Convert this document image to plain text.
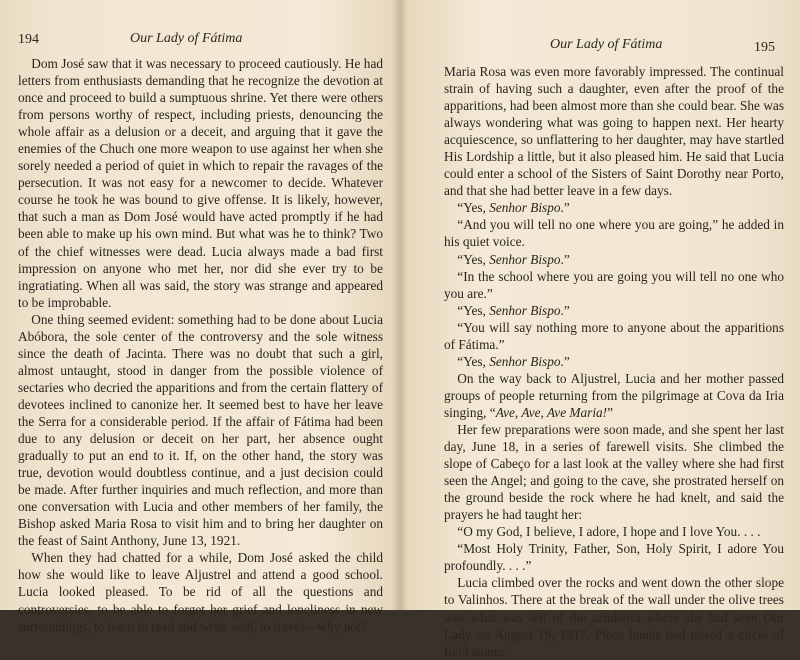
194	Our Lady of Fátima

Dom José saw that it was necessary to proceed cautiously. He had letters from enthusiasts demanding that he recognize the devotion at once and proceed to build a sumptuous shrine. Yet there were others from persons worthy of respect, including priests, denouncing the whole affair as a delusion or a deceit, and arguing that it gave the enemies of the Chuch one more weapon to use against her when she sorely needed a period of quiet in which to repair the ravages of the persecution. It was not easy for a newcomer to decide. Whatever course he took he was bound to give offense. It is likely, however, that such a man as Dom José would have acted promptly if he had been able to make up his own mind. But what was he to think? Two of the chief witnesses were dead. Lucia always made a bad first impression on anyone who met her, nor did she ever try to be ingratiating. When all was said, the story was strange and appeared to be improbable.

One thing seemed evident: something had to be done about Lucia Abóbora, the sole center of the controversy and the sole witness since the death of Jacinta. There was no doubt that such a girl, almost untaught, stood in danger from the possible violence of sectaries who decried the apparitions and from the certain flattery of devotees inclined to canonize her. It seemed best to have her leave the Serra for a considerable period. If the affair of Fátima had been due to any delusion or deceit on her part, her absence ought gradually to put an end to it. If, on the other hand, the story was true, devotion would doubtless continue, and a just decision could be made. After further inquiries and much reflection, and more than one conversation with Lucia and other members of her family, the Bishop asked Maria Rosa to visit him and to bring her daughter on the feast of Saint Anthony, June 13, 1921.

When they had chatted for a while, Dom José asked the child how she would like to leave Aljustrel and attend a good school. Lucia looked pleased. To be rid of all the questions and controversies, to be able to forget her grief and loneliness in new surroundings, to learn to read and write well, to travel—why not?

Our Lady of Fátima	195

Maria Rosa was even more favorably impressed. The continual strain of having such a daughter, even after the proof of the apparitions, had been almost more than she could bear. She was always wondering what was going to happen next. Her hearty acquiescence, so unflattering to her daughter, may have startled His Lordship a little, but it also pleased him. He said that Lucia could enter a school of the Sisters of Saint Dorothy near Porto, and that she had better leave in a few days.

“Yes, Senhor Bispo.”

“And you will tell no one where you are going,” he added in his quiet voice.

“Yes, Senhor Bispo.”

“In the school where you are going you will tell no one who you are.”

“Yes, Senhor Bispo.”

“You will say nothing more to anyone about the apparitions of Fátima.”

“Yes, Senhor Bispo.”

On the way back to Aljustrel, Lucia and her mother passed groups of people returning from the pilgrimage at Cova da Iria singing, “Ave, Ave, Ave Maria!”

Her few preparations were soon made, and she spent her last day, June 18, in a series of farewell visits. She climbed the slope of Cabeço for a last look at the valley where she had first seen the Angel; and going to the cave, she prostrated herself on the ground beside the rock where he had knelt, and said the prayers he had taught her:

“O my God, I believe, I adore, I hope and I love You. . . .

“Most Holy Trinity, Father, Son, Holy Spirit, I adore You profoundly. . . .”

Lucia climbed over the rocks and went down the other slope to Valinhos. There at the break of the wall under the olive trees was what was left of the azinheira where she had seen Our Lady on August 19, 1917. Pious hands had raised a circle of field stones
